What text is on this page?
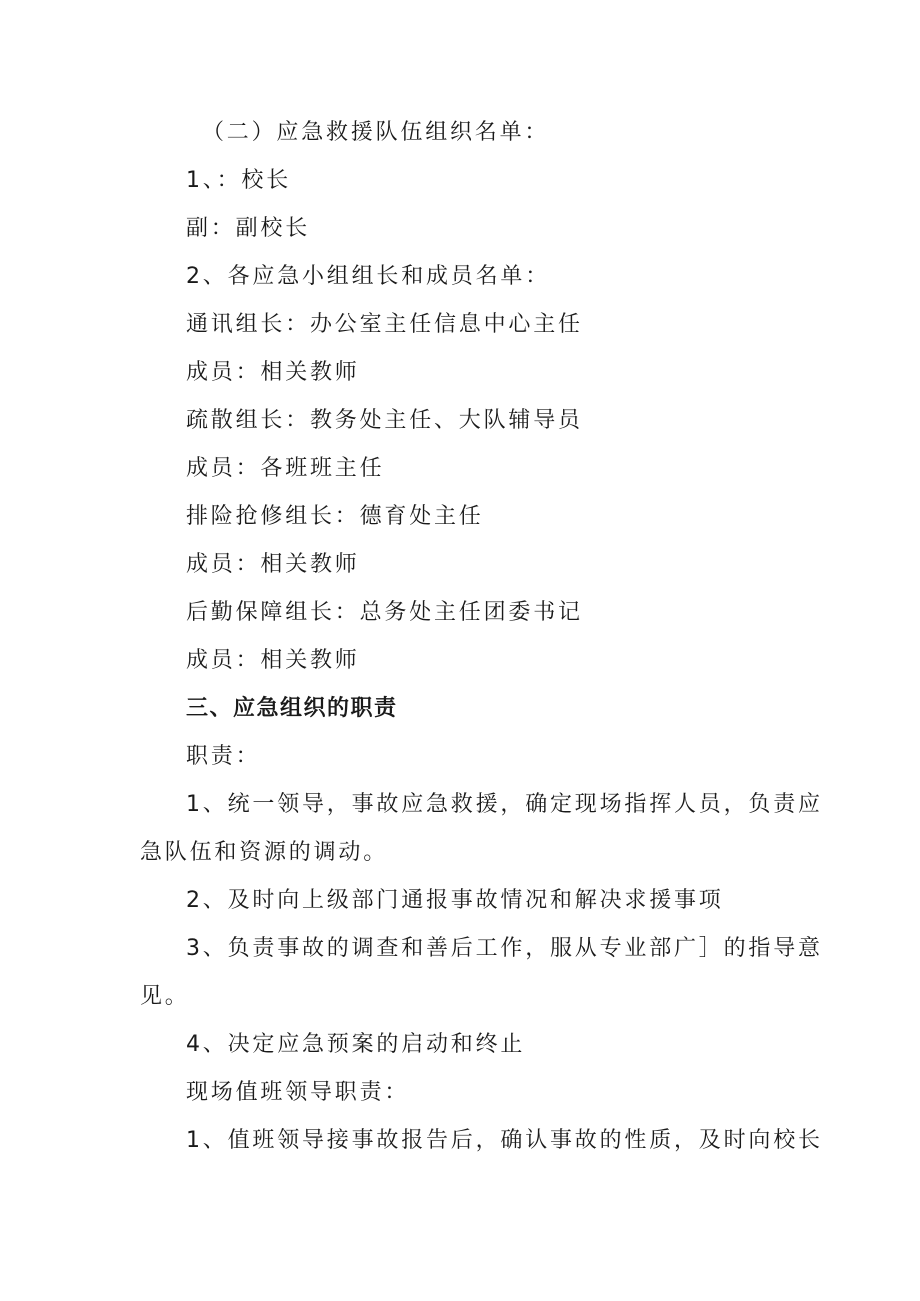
（二）应急救援队伍组织名单：
1、：校长
副：副校长
2、各应急小组组长和成员名单：
通讯组长：办公室主任信息中心主任
成员：相关教师
疏散组长：教务处主任、大队辅导员
成员：各班班主任
排险抢修组长：德育处主任
成员：相关教师
后勤保障组长：总务处主任团委书记
成员：相关教师
三、应急组织的职责
职责：
1、统一领导，事故应急救援，确定现场指挥人员，负责应
急队伍和资源的调动。
2、及时向上级部门通报事故情况和解决求援事项
3、负责事故的调查和善后工作，服从专业部广］的指导意
见。
4、决定应急预案的启动和终止
现场值班领导职责：
1、值班领导接事故报告后，确认事故的性质，及时向校长
